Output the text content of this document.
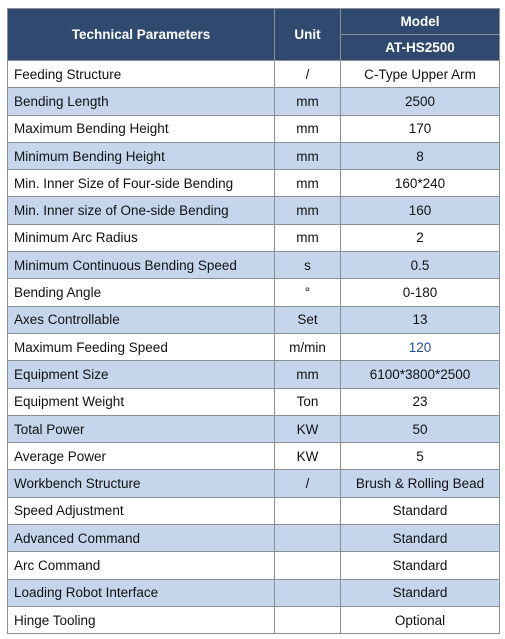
Technical Parameters	Unit	Model
		AT-HS2500
Feeding Structure	/	C-Type Upper Arm
Bending Length	mm	2500
Maximum Bending Height	mm	170
Minimum Bending Height	mm	8
Min. Inner Size of Four-side Bending	mm	160*240
Min. Inner size of One-side Bending	mm	160
Minimum Arc Radius	mm	2
Minimum Continuous Bending Speed	s	0.5
Bending Angle	°	0-180
Axes Controllable	Set	13
Maximum Feeding Speed	m/min	120
Equipment Size	mm	6100*3800*2500
Equipment Weight	Ton	23
Total Power	KW	50
Average Power	KW	5
Workbench Structure	/	Brush & Rolling Bead
Speed Adjustment		Standard
Advanced Command		Standard
Arc Command		Standard
Loading Robot Interface		Standard
Hinge Tooling		Optional
